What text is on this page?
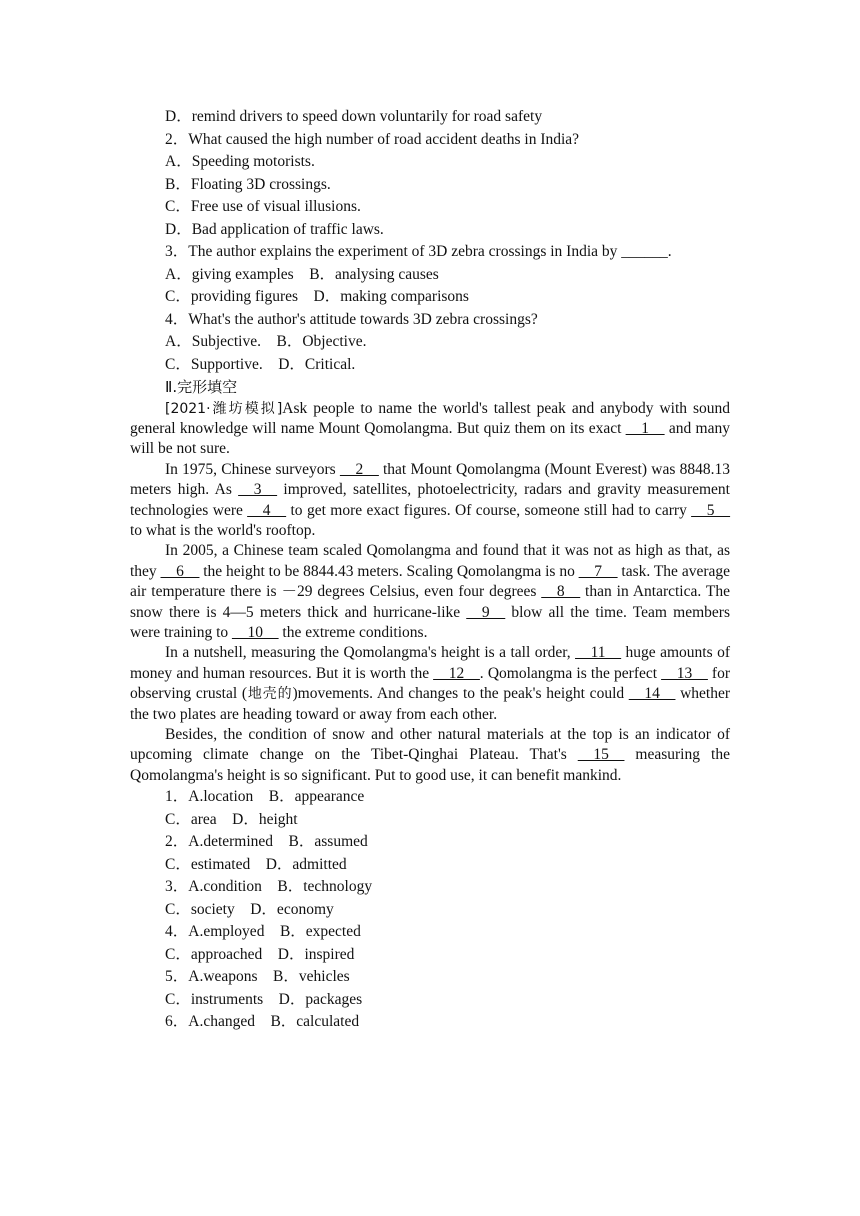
D．remind drivers to speed down voluntarily for road safety
2．What caused the high number of road accident deaths in India?
A．Speeding motorists.
B．Floating 3D crossings.
C．Free use of visual illusions.
D．Bad application of traffic laws.
3．The author explains the experiment of 3D zebra crossings in India by ______.
A．giving examples　B．analysing causes
C．providing figures　D．making comparisons
4．What's the author's attitude towards 3D zebra crossings?
A．Subjective.　B．Objective.
C．Supportive.　D．Critical.
Ⅱ.完形填空

[2021·潍坊模拟]Ask people to name the world's tallest peak and anybody with sound general knowledge will name Mount Qomolangma. But quiz them on its exact __1__ and many will be not sure.

In 1975, Chinese surveyors __2__ that Mount Qomolangma (Mount Everest) was 8848.13 meters high. As __3__ improved, satellites, photoelectricity, radars and gravity measurement technologies were __4__ to get more exact figures. Of course, someone still had to carry __5__ to what is the world's rooftop.

In 2005, a Chinese team scaled Qomolangma and found that it was not as high as that, as they __6__ the height to be 8844.43 meters. Scaling Qomolangma is no __7__ task. The average air temperature there is －29 degrees Celsius, even four degrees __8__ than in Antarctica. The snow there is 4—5 meters thick and hurricane-like __9__ blow all the time. Team members were training to __10__ the extreme conditions.

In a nutshell, measuring the Qomolangma's height is a tall order, __11__ huge amounts of money and human resources. But it is worth the __12__. Qomolangma is the perfect __13__ for observing crustal (地壳的)movements. And changes to the peak's height could __14__ whether the two plates are heading toward or away from each other.

Besides, the condition of snow and other natural materials at the top is an indicator of upcoming climate change on the Tibet-Qinghai Plateau. That's __15__ measuring the Qomolangma's height is so significant. Put to good use, it can benefit mankind.

1．A.location　B．appearance
C．area　D．height
2．A.determined　B．assumed
C．estimated　D．admitted
3．A.condition　B．technology
C．society　D．economy
4．A.employed　B．expected
C．approached　D．inspired
5．A.weapons　B．vehicles
C．instruments　D．packages
6．A.changed　B．calculated
